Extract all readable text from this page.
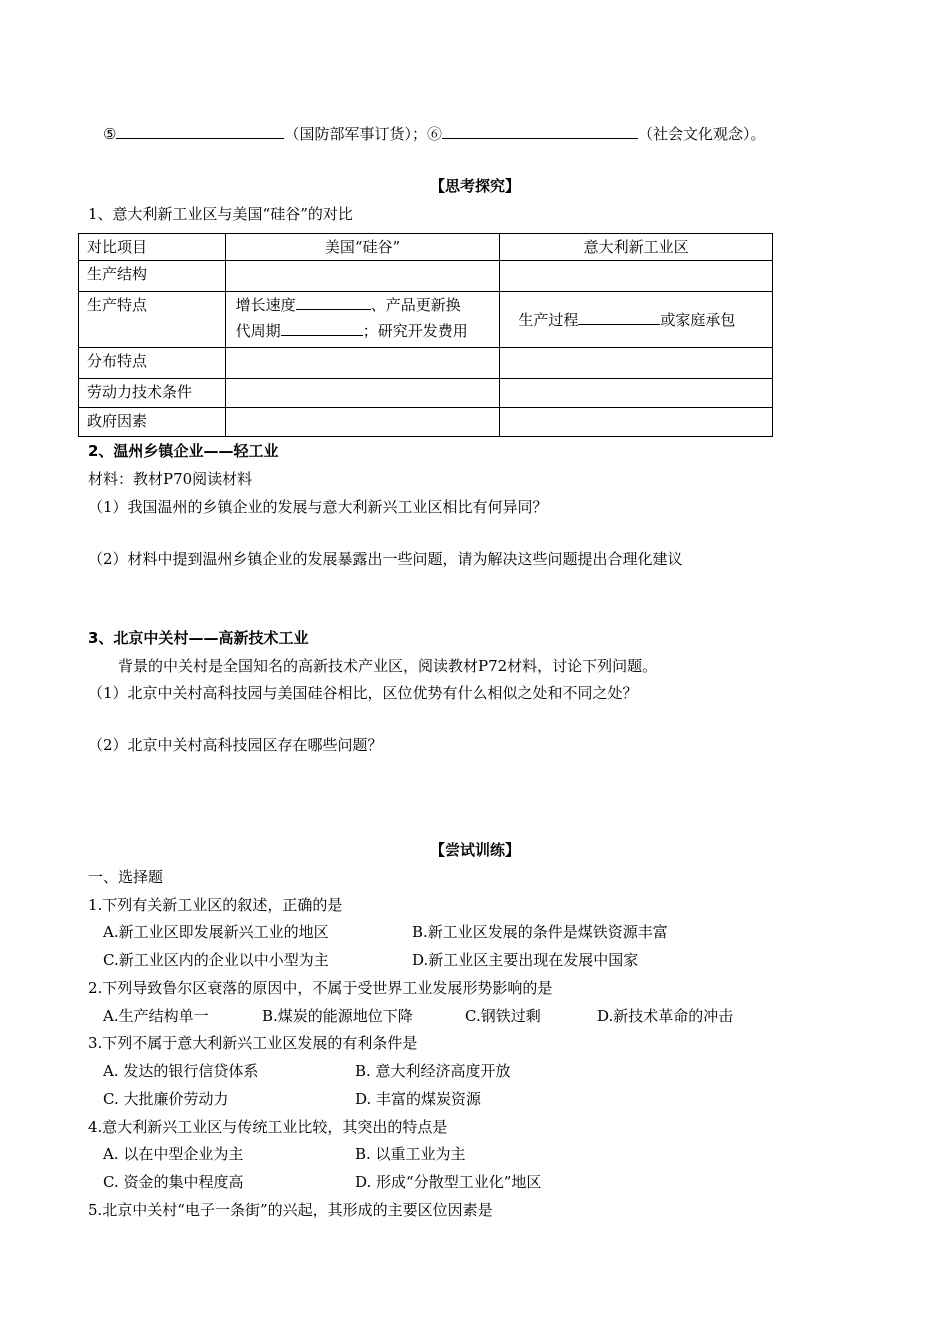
⑤	（国防部军事订货）；⑥	（社会文化观念）。
【思考探究】
1、意大利新工业区与美国“硅谷”的对比
对比项目	美国“硅谷”	意大利新工业区
生产结构		
生产特点	增长速度 、产品更新换
代周期 ；研究开发费用	生产过程 或家庭承包
分布特点		
劳动力技术条件		
政府因素		
2、温州乡镇企业——轻工业
材料：教材P70阅读材料
（1）我国温州的乡镇企业的发展与意大利新兴工业区相比有何异同？
（2）材料中提到温州乡镇企业的发展暴露出一些问题，请为解决这些问题提出合理化建议
3、北京中关村——高新技术工业
背景的中关村是全国知名的高新技术产业区，阅读教材P72材料，讨论下列问题。
（1）北京中关村高科技园与美国硅谷相比，区位优势有什么相似之处和不同之处？
（2）北京中关村高科技园区存在哪些问题？
【尝试训练】
一、选择题
1.下列有关新工业区的叙述，正确的是
A.新工业区即发展新兴工业的地区	B.新工业区发展的条件是煤铁资源丰富
C.新工业区内的企业以中小型为主	D.新工业区主要出现在发展中国家
2.下列导致鲁尔区衰落的原因中，不属于受世界工业发展形势影响的是
A.生产结构单一	B.煤炭的能源地位下降	C.钢铁过剩	D.新技术革命的冲击
3.下列不属于意大利新兴工业区发展的有利条件是
A. 发达的银行信贷体系	B. 意大利经济高度开放
C. 大批廉价劳动力	D. 丰富的煤炭资源
4.意大利新兴工业区与传统工业比较，其突出的特点是
A. 以在中型企业为主	B. 以重工业为主
C. 资金的集中程度高	D. 形成“分散型工业化”地区
5.北京中关村“电子一条街”的兴起，其形成的主要区位因素是
